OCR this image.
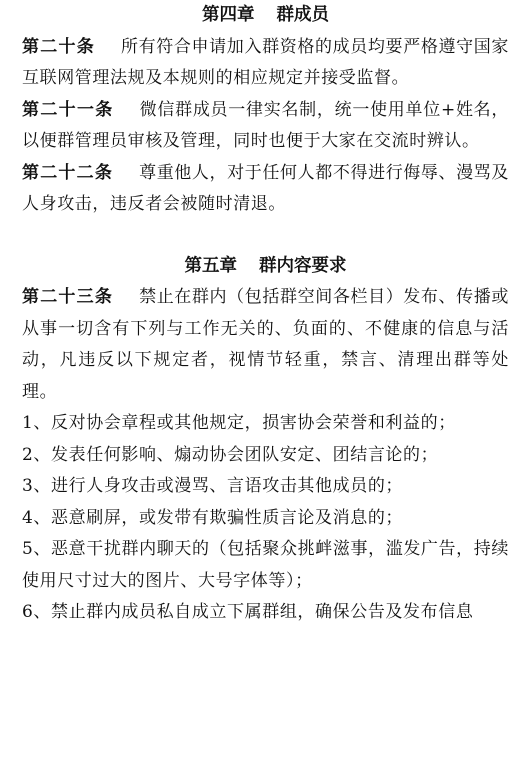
第四章 群成员

第二十条 所有符合申请加入群资格的成员均要严格遵守国家互联网管理法规及本规则的相应规定并接受监督。

第二十一条 微信群成员一律实名制，统一使用单位+姓名，以便群管理员审核及管理，同时也便于大家在交流时辨认。

第二十二条 尊重他人，对于任何人都不得进行侮辱、漫骂及人身攻击，违反者会被随时清退。

第五章 群内容要求

第二十三条 禁止在群内（包括群空间各栏目）发布、传播或从事一切含有下列与工作无关的、负面的、不健康的信息与活动，凡违反以下规定者，视情节轻重，禁言、清理出群等处理。

1、反对协会章程或其他规定，损害协会荣誉和利益的；

2、发表任何影响、煽动协会团队安定、团结言论的；

3、进行人身攻击或漫骂、言语攻击其他成员的；

4、恶意刷屏，或发带有欺骗性质言论及消息的；

5、恶意干扰群内聊天的（包括聚众挑衅滋事，滥发广告，持续使用尺寸过大的图片、大号字体等）；

6、禁止群内成员私自成立下属群组，确保公告及发布信息
